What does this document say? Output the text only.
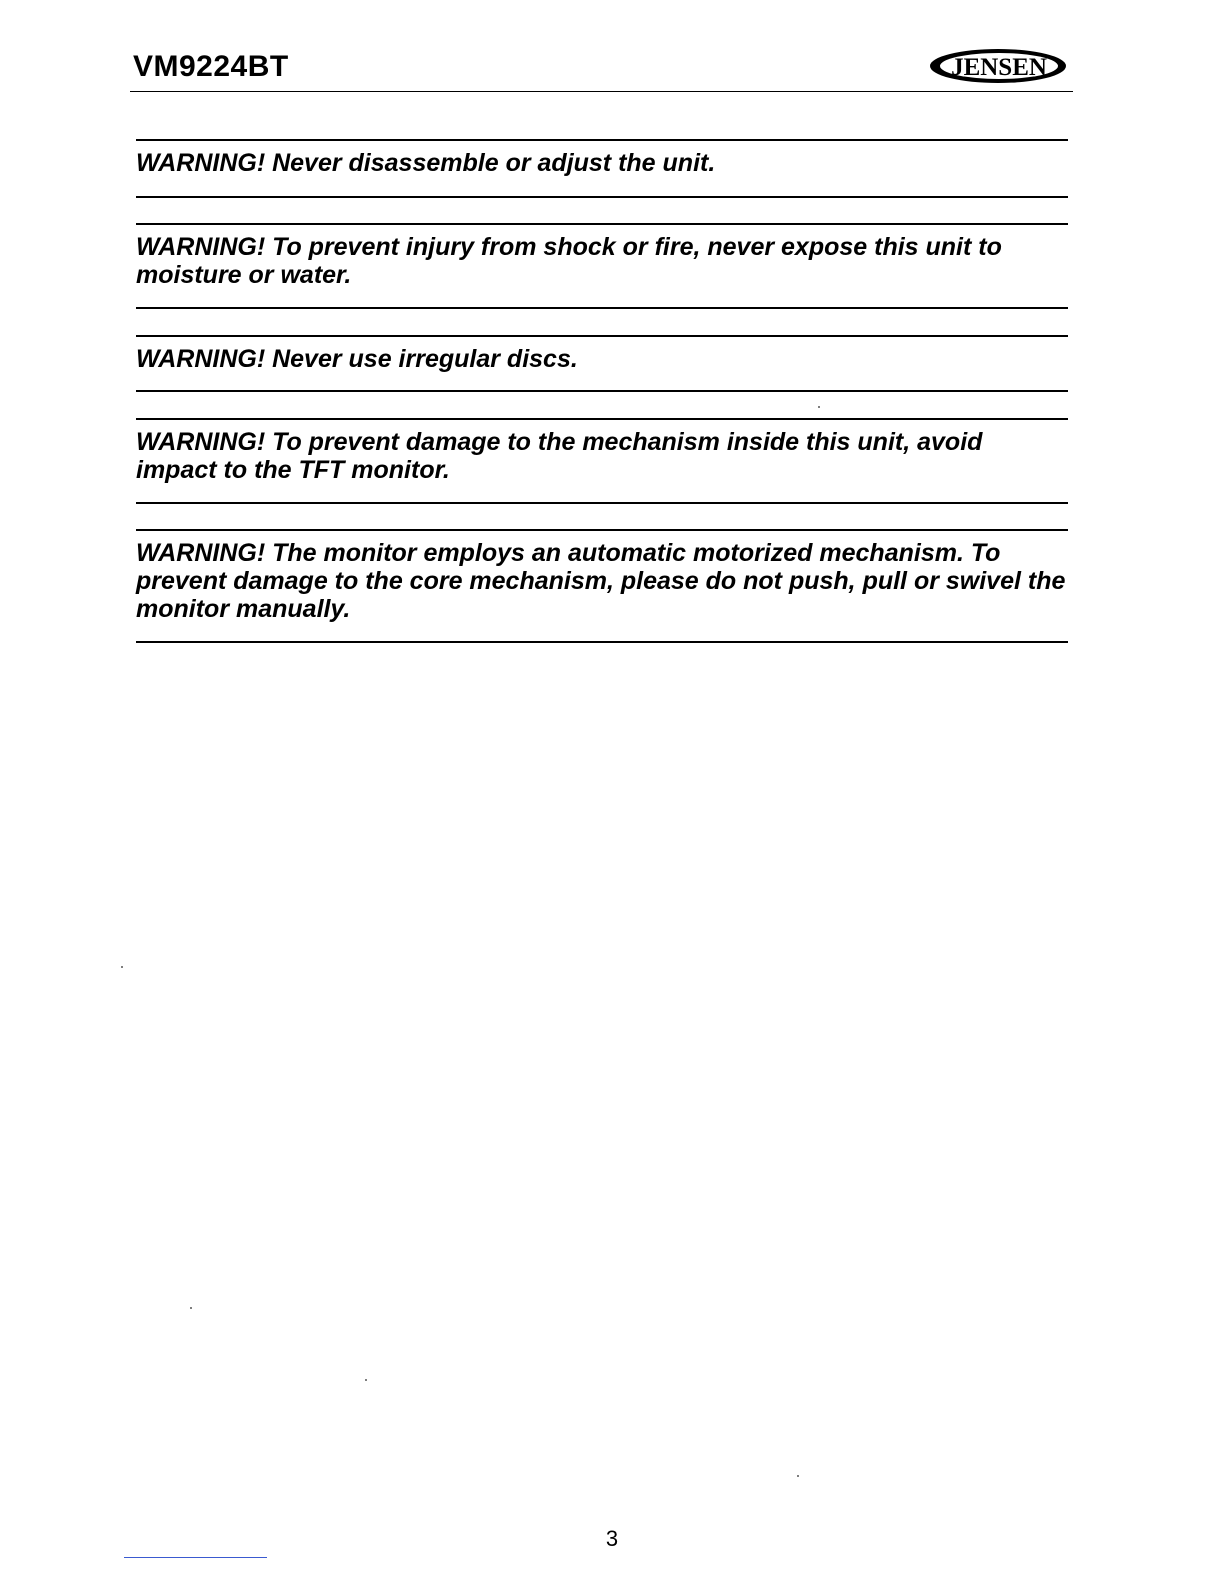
VM9224BT	JENSEN

WARNING! Never disassemble or adjust the unit.

WARNING! To prevent injury from shock or fire, never expose this unit to moisture or water.

WARNING! Never use irregular discs.

WARNING! To prevent damage to the mechanism inside this unit, avoid impact to the TFT monitor.

WARNING! The monitor employs an automatic motorized mechanism. To prevent damage to the core mechanism, please do not push, pull or swivel the monitor manually.

3
